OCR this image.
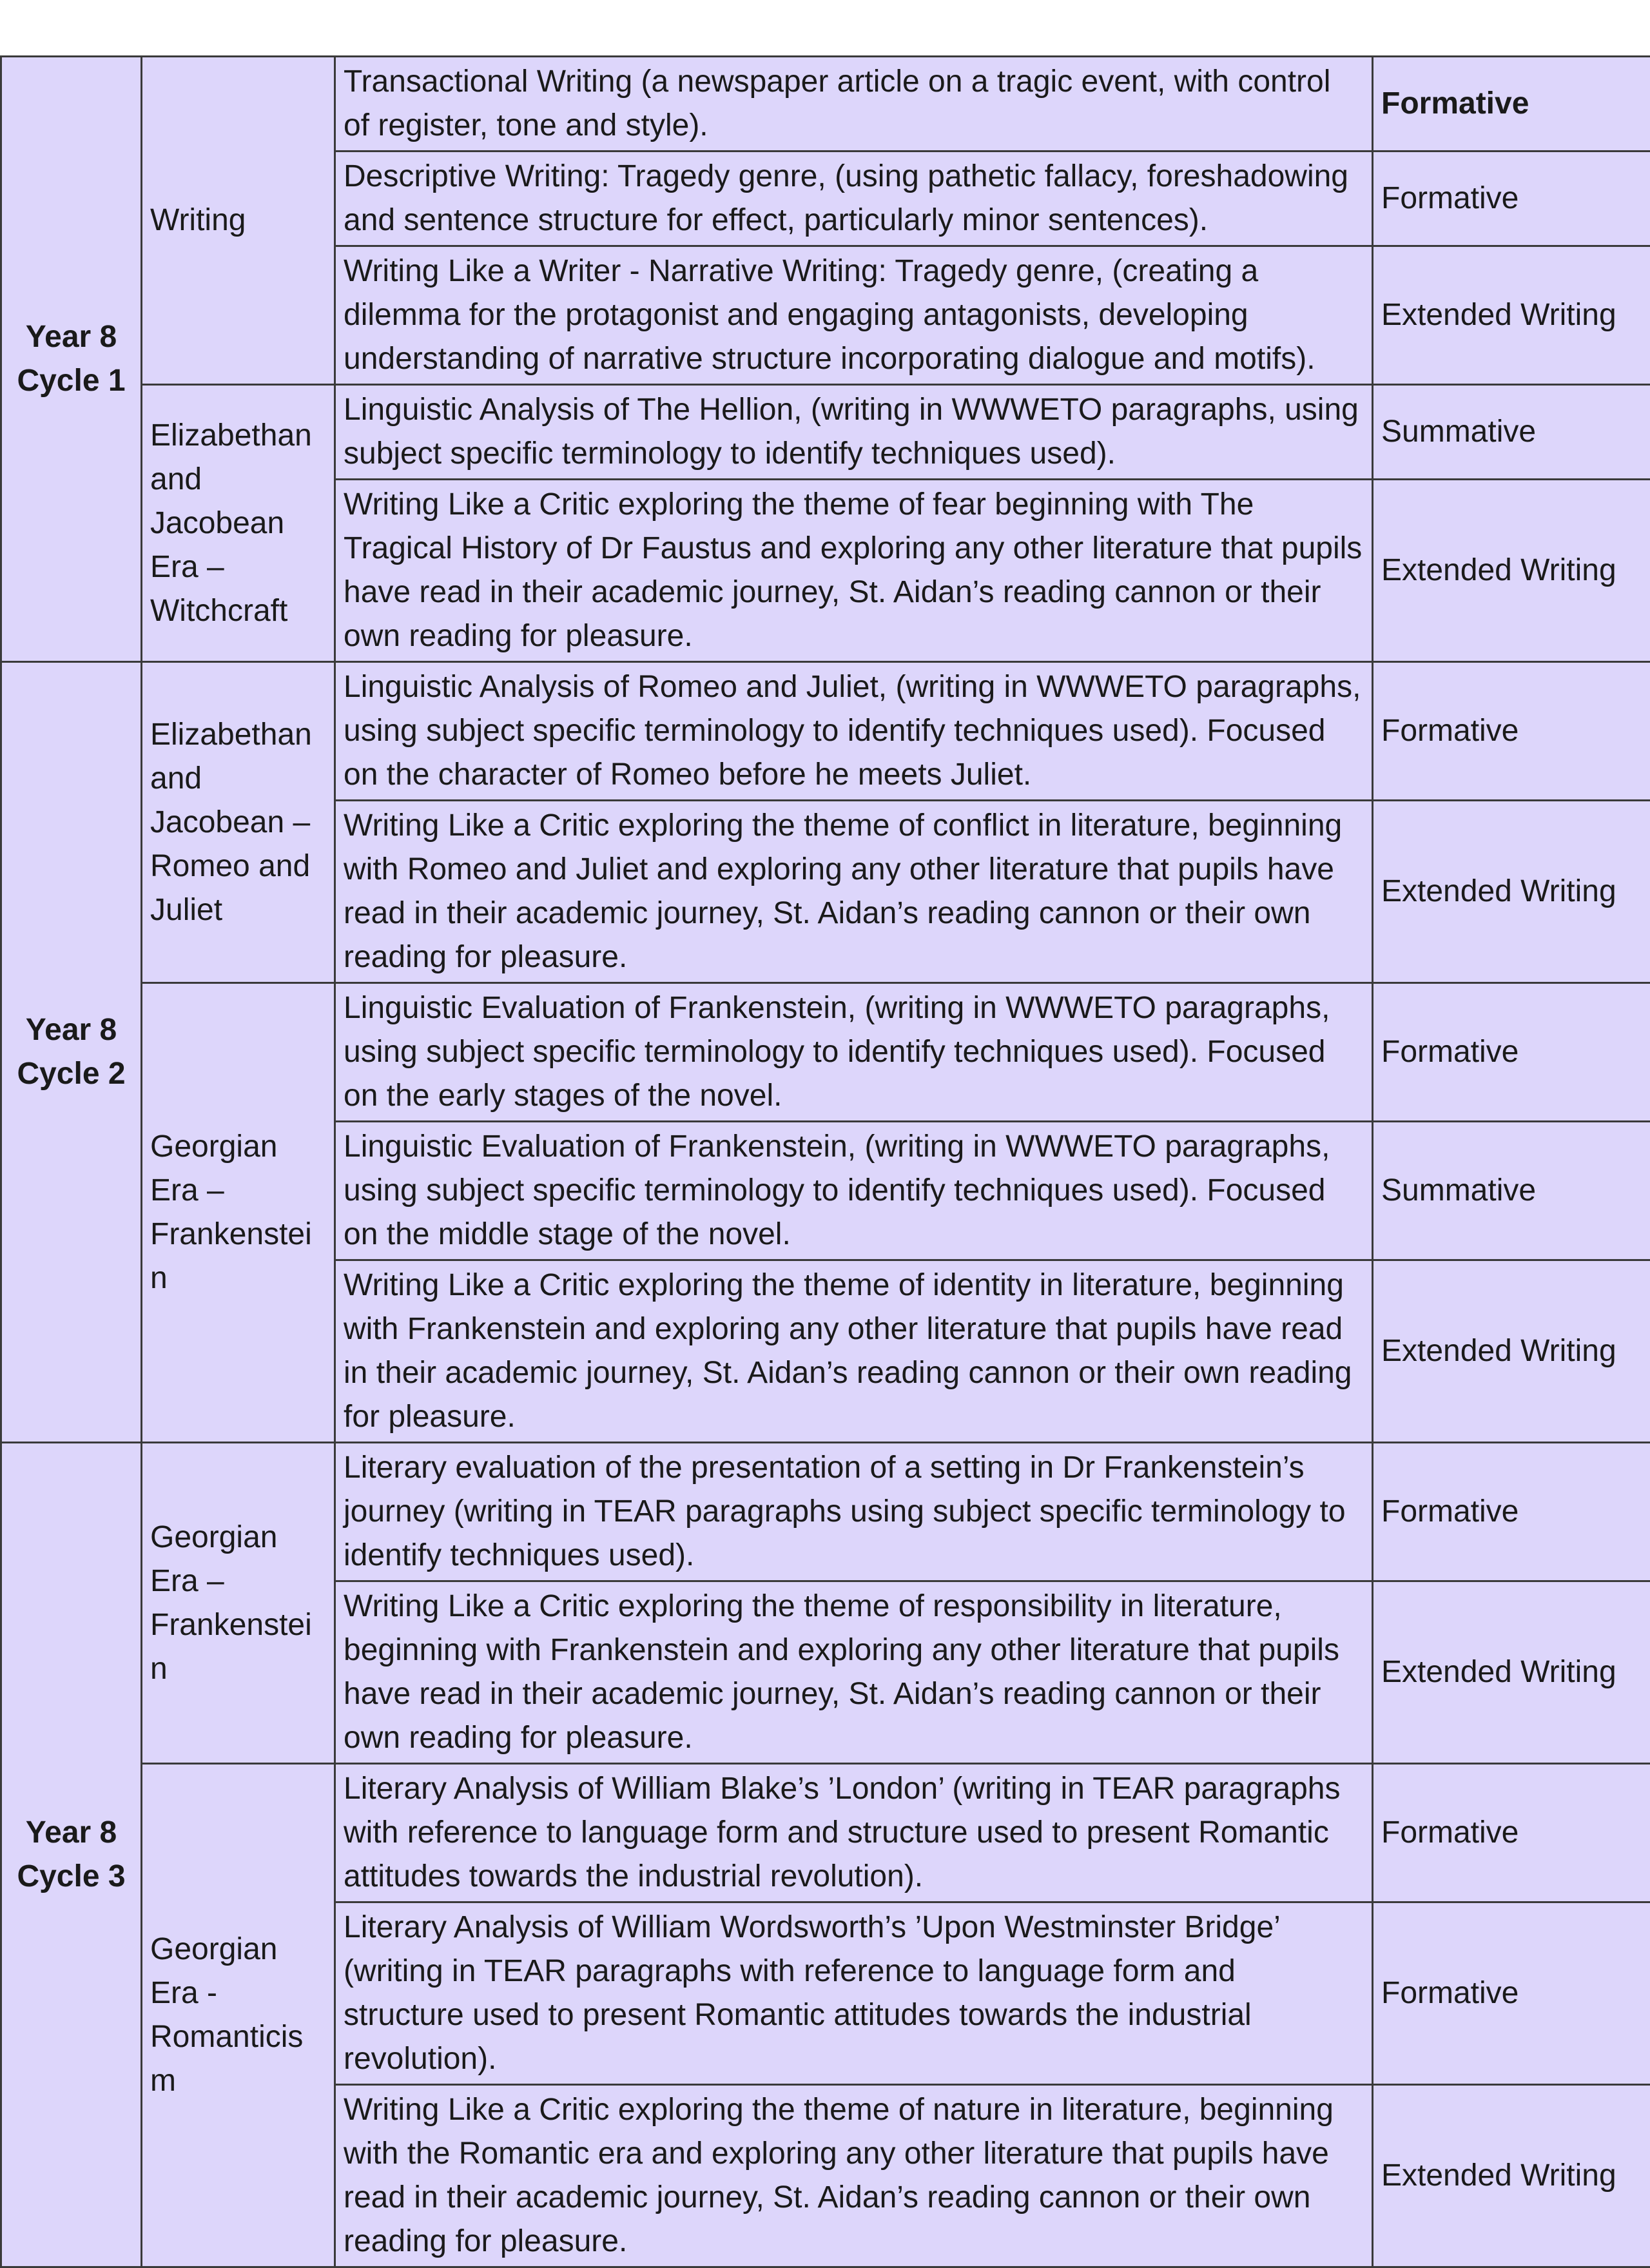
Year 8
Cycle 1	Writing	Transactional Writing (a newspaper article on a tragic event, with control of register, tone and style).	Formative
		Descriptive Writing: Tragedy genre, (using pathetic fallacy, foreshadowing and sentence structure for effect, particularly minor sentences).	Formative
		Writing Like a Writer - Narrative Writing: Tragedy genre, (creating a dilemma for the protagonist and engaging antagonists, developing understanding of narrative structure incorporating dialogue and motifs).	Extended Writing
	Elizabethan and Jacobean Era – Witchcraft	Linguistic Analysis of The Hellion, (writing in WWWETO paragraphs, using subject specific terminology to identify techniques used).	Summative
		Writing Like a Critic exploring the theme of fear beginning with The Tragical History of Dr Faustus and exploring any other literature that pupils have read in their academic journey, St. Aidan’s reading cannon or their own reading for pleasure.	Extended Writing
Year 8
Cycle 2	Elizabethan and Jacobean – Romeo and Juliet	Linguistic Analysis of Romeo and Juliet, (writing in WWWETO paragraphs, using subject specific terminology to identify techniques used). Focused on the character of Romeo before he meets Juliet.	Formative
		Writing Like a Critic exploring the theme of conflict in literature, beginning with Romeo and Juliet and exploring any other literature that pupils have read in their academic journey, St. Aidan’s reading cannon or their own reading for pleasure.	Extended Writing
	Georgian Era – Frankenstei n	Linguistic Evaluation of Frankenstein, (writing in WWWETO paragraphs, using subject specific terminology to identify techniques used). Focused on the early stages of the novel.	Formative
		Linguistic Evaluation of Frankenstein, (writing in WWWETO paragraphs, using subject specific terminology to identify techniques used). Focused on the middle stage of the novel.	Summative
		Writing Like a Critic exploring the theme of identity in literature, beginning with Frankenstein and exploring any other literature that pupils have read in their academic journey, St. Aidan’s reading cannon or their own reading for pleasure.	Extended Writing
Year 8
Cycle 3	Georgian Era – Frankenstei n	Literary evaluation of the presentation of a setting in Dr Frankenstein’s journey (writing in TEAR paragraphs using subject specific terminology to identify techniques used).	Formative
		Writing Like a Critic exploring the theme of responsibility in literature, beginning with Frankenstein and exploring any other literature that pupils have read in their academic journey, St. Aidan’s reading cannon or their own reading for pleasure.	Extended Writing
	Georgian Era - Romanticis m	Literary Analysis of William Blake’s ’London’ (writing in TEAR paragraphs with reference to language form and structure used to present Romantic attitudes towards the industrial revolution).	Formative
		Literary Analysis of William Wordsworth’s ’Upon Westminster Bridge’ (writing in TEAR paragraphs with reference to language form and structure used to present Romantic attitudes towards the industrial revolution).	Formative
		Writing Like a Critic exploring the theme of nature in literature, beginning with the Romantic era and exploring any other literature that pupils have read in their academic journey, St. Aidan’s reading cannon or their own reading for pleasure.	Extended Writing
